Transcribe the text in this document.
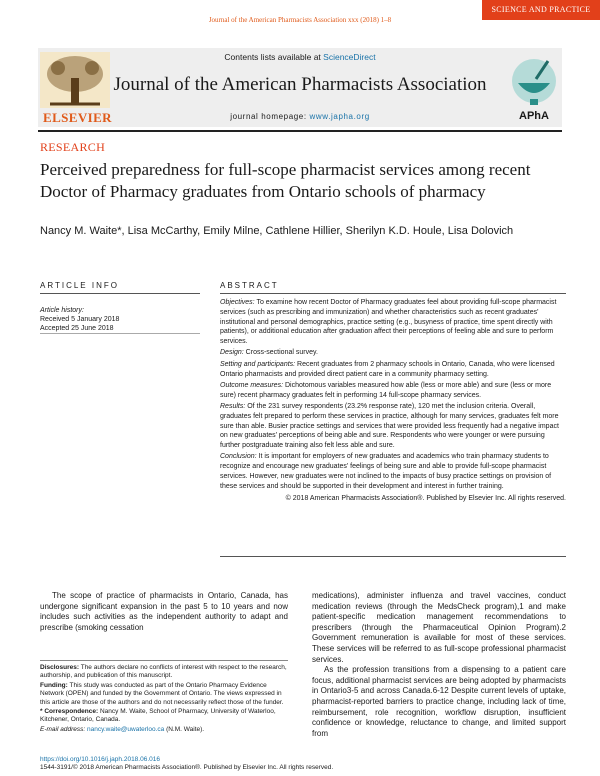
Journal of the American Pharmacists Association xxx (2018) 1–8
SCIENCE AND PRACTICE
ELSEVIER
Contents lists available at ScienceDirect
Journal of the American Pharmacists Association
journal homepage: www.japha.org	APhA
RESEARCH
Perceived preparedness for full-scope pharmacist services among recent Doctor of Pharmacy graduates from Ontario schools of pharmacy
Nancy M. Waite*, Lisa McCarthy, Emily Milne, Cathlene Hillier, Sherilyn K.D. Houle, Lisa Dolovich
ARTICLE INFO
Article history:
Received 5 January 2018
Accepted 25 June 2018
ABSTRACT

Objectives: To examine how recent Doctor of Pharmacy graduates feel about providing full-scope pharmacist services (such as prescribing and immunization) and whether characteristics such as recent graduates' institutional and personal demographics, practice setting (e.g., busyness of practice, time spent directly with patients), or additional education after graduation affect their perceptions of feeling able and sure to perform services.

Design: Cross-sectional survey.

Setting and participants: Recent graduates from 2 pharmacy schools in Ontario, Canada, who were licensed Ontario pharmacists and provided direct patient care in a community pharmacy setting.

Outcome measures: Dichotomous variables measured how able (less or more able) and sure (less or more sure) recent pharmacy graduates felt in performing 14 full-scope pharmacy services.

Results: Of the 231 survey respondents (23.2% response rate), 120 met the inclusion criteria. Overall, graduates felt prepared to perform these services in practice, although for many services, graduates felt more sure than able. Busier practice settings and services that were provided less frequently had a negative impact on new graduates' perceptions of being able and sure. Respondents who were younger or were pursuing further postgraduate training also felt less able and sure.

Conclusion: It is important for employers of new graduates and academics who train pharmacy students to recognize and encourage new graduates' feelings of being sure and able to provide full-scope pharmacist services. However, new graduates were not inclined to the impacts of busy practice settings on provision of these services and should be supported in their development and interest in further training.

© 2018 American Pharmacists Association®. Published by Elsevier Inc. All rights reserved.

The scope of practice of pharmacists in Ontario, Canada, has undergone significant expansion in the past 5 to 10 years and now includes such activities as the independent authority to adapt and prescribe (smoking cessation

medications), administer influenza and travel vaccines, conduct medication reviews (through the MedsCheck program),1 and make patient-specific medication management recommendations to prescribers (through the Pharmaceutical Opinion Program).2 Government remuneration is available for most of these services. These services will be referred to as full-scope professional pharmacist services.

As the profession transitions from a dispensing to a patient care focus, additional pharmacist services are being adopted by pharmacists in Ontario3-5 and across Canada.6-12 Despite current levels of uptake, pharmacist-reported barriers to practice change, including lack of time, reimbursement, role recognition, workflow disruption, insufficient confidence or knowledge, reluctance to change, and limited support from

Disclosures: The authors declare no conflicts of interest with respect to the research, authorship, and publication of this manuscript.

Funding: This study was conducted as part of the Ontario Pharmacy Evidence Network (OPEN) and funded by the Government of Ontario. The views expressed in this article are those of the authors and do not necessarily reflect those of the funder.

* Correspondence: Nancy M. Waite, School of Pharmacy, University of Waterloo, Kitchener, Ontario, Canada.

E-mail address: nancy.waite@uwaterloo.ca (N.M. Waite).

https://doi.org/10.1016/j.japh.2018.06.016
1544-3191/© 2018 American Pharmacists Association®. Published by Elsevier Inc. All rights reserved.
